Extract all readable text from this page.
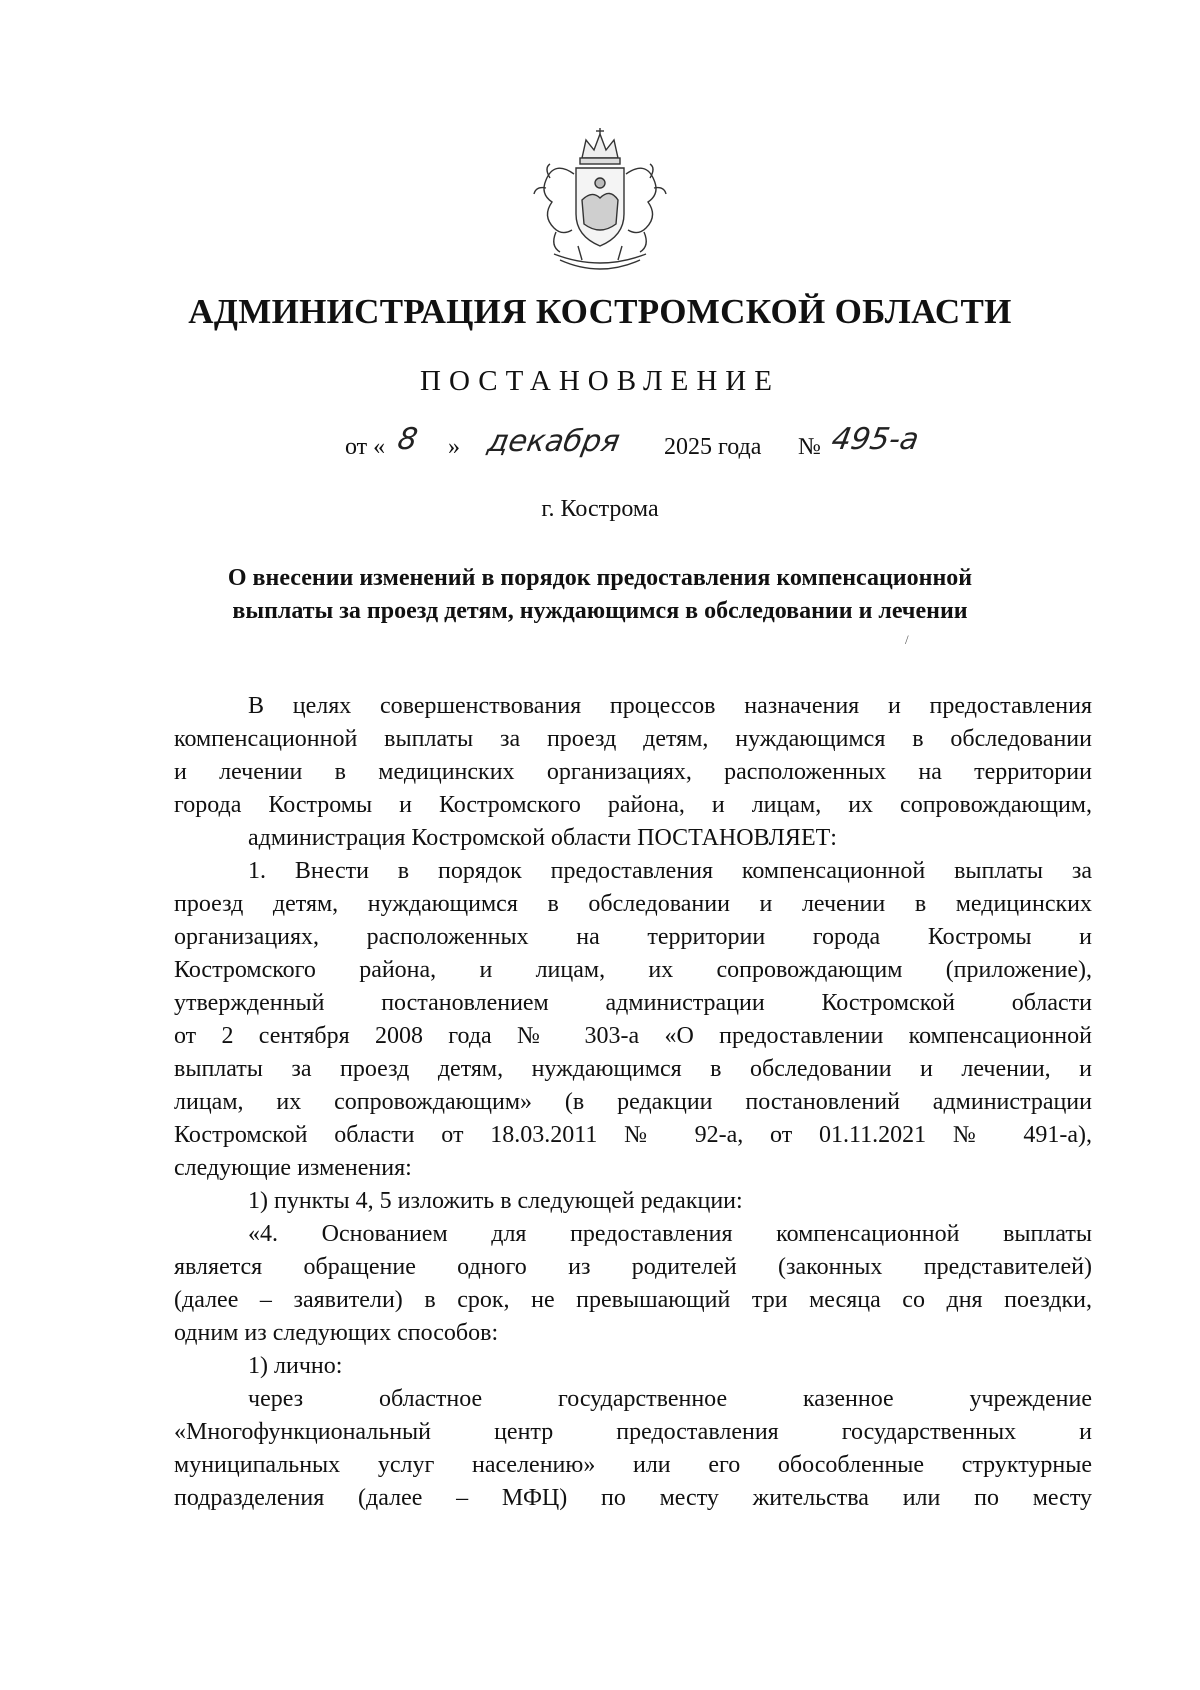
АДМИНИСТРАЦИЯ КОСТРОМСКОЙ ОБЛАСТИ
ПОСТАНОВЛЕНИЕ
от « 8 » декабря 2025 года № 495-а
г. Кострома
О внесении изменений в порядок предоставления компенсационной
выплаты за проезд детям, нуждающимся в обследовании и лечении
/
В целях совершенствования процессов назначения и предоставления
компенсационной выплаты за проезд детям, нуждающимся в обследовании
и лечении в медицинских организациях, расположенных на территории
города Костромы и Костромского района, и лицам, их сопровождающим,
администрация Костромской области ПОСТАНОВЛЯЕТ:
1. Внести в порядок предоставления компенсационной выплаты за
проезд детям, нуждающимся в обследовании и лечении в медицинских
организациях, расположенных на территории города Костромы и
Костромского района, и лицам, их сопровождающим (приложение),
утвержденный постановлением администрации Костромской области
от 2 сентября 2008 года № 303-а «О предоставлении компенсационной
выплаты за проезд детям, нуждающимся в обследовании и лечении, и
лицам, их сопровождающим» (в редакции постановлений администрации
Костромской области от 18.03.2011 № 92-а, от 01.11.2021 № 491-а),
следующие изменения:
1) пункты 4, 5 изложить в следующей редакции:
«4. Основанием для предоставления компенсационной выплаты
является обращение одного из родителей (законных представителей)
(далее – заявители) в срок, не превышающий три месяца со дня поездки,
одним из следующих способов:
1) лично:
через областное государственное казенное учреждение
«Многофункциональный центр предоставления государственных и
муниципальных услуг населению» или его обособленные структурные
подразделения (далее – МФЦ) по месту жительства или по месту
